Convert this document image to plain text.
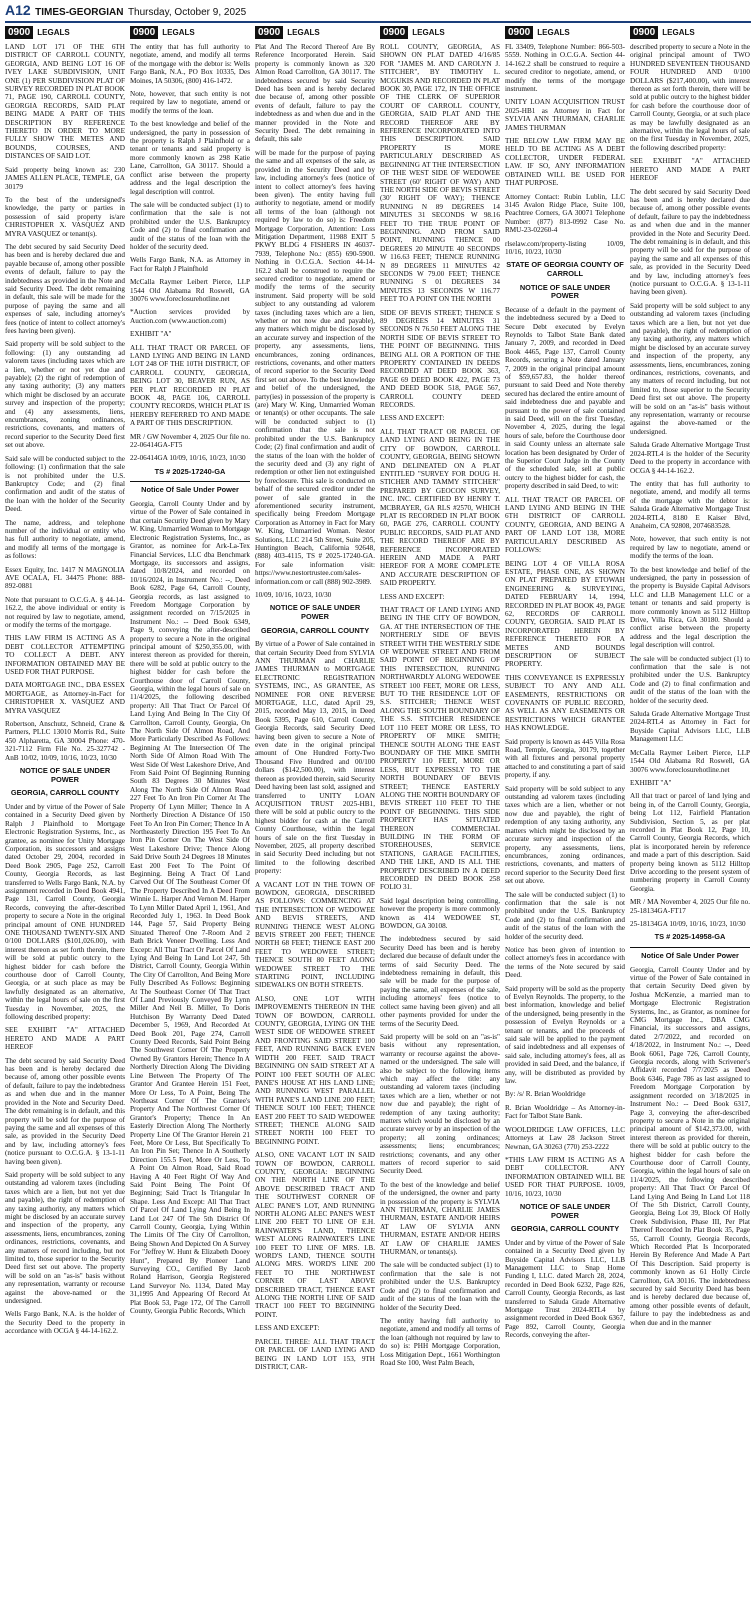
A12 TIMES-GEORGIAN Thursday, October 9, 2025
0900 LEGALS

LAND LOT 171 OF THE 6TH DISTRICT OF CARROLL COUNTY, GEORGIA, AND BEING LOT 16 OF IVEY LAKE SUBDIVISION, UNIT ONE (1) PER SUBDIVISION PLAT OF SURVEY RECORDED IN PLAT BOOK 71, PAGE 190, CARROLL COUNTY, GEORGIA RECORDS, SAID PLAT BEING MADE A PART OF THIS DESCRIPTION BY REFERENCE THERETO IN ORDER TO MORE FULLY SHOW THE METES AND BOUNDS, COURSES, AND DISTANCES OF SAID LOT.

Said property being known as: 230 JAMES ALLEN PLACE, TEMPLE, GA 30179

To the best of the undersigned's knowledge, the party or parties in possession of said property is/are CHRISTOPHER X. VASQUEZ AND MYRA VASQUEZ or tenant(s).

The debt secured by said Security Deed has been and is hereby declared due and payable because of, among other possible events of default, failure to pay the indebtedness as provided in the Note and said Security Deed. The debt remaining in default, this sale will be made for the purpose of paying the same and all expenses of sale, including attorney's fees (notice of intent to collect attorney's fees having been given).

Said property will be sold subject to the following: (1) any outstanding ad valorem taxes (including taxes which are a lien, whether or not yet due and payable); (2) the right of redemption of any taxing authority; (3) any matters which might be disclosed by an accurate survey and inspection of the property; and (4) any assessments, liens, encumbrances, zoning ordinances, restrictions, covenants, and matters of record superior to the Security Deed first set out above.

Said sale will be conducted subject to the following: (1) confirmation that the sale is not prohibited under the U.S. Bankruptcy Code; and (2) final confirmation and audit of the status of the loan with the holder of the Security Deed.

The name, address, and telephone number of the individual or entity who has full authority to negotiate, amend, and modify all terms of the mortgage is as follows:

Essex Equity, Inc. 1417 N MAGNOLIA AVE OCALA, FL 34475 Phone: 888-892-0881

Note that pursuant to O.C.G.A. § 44-14-162.2, the above individual or entity is not required by law to negotiate, amend, or modify the terms of the mortgage.

THIS LAW FIRM IS ACTING AS A DEBT COLLECTOR ATTEMPTING TO COLLECT A DEBT. ANY INFORMATION OBTAINED MAY BE USED FOR THAT PURPOSE.

DATA MORTGAGE INC., DBA ESSEX MORTGAGE, as Attorney-in-Fact for CHRISTOPHER X. VASQUEZ AND MYRA VASQUEZ

Robertson, Anschutz, Schneid, Crane & Partners, PLLC 13010 Morris Rd., Suite 450 Alpharetta, GA 30004 Phone: 470-321-7112 Firm File No. 25-327742 - AnB 10/02, 10/09, 10/16, 10/23, 10/30

NOTICE OF SALE UNDER POWER

GEORGIA, CARROLL COUNTY

Under and by virtue of the Power of Sale contained in a Security Deed given by Ralph J Plainfhold to Mortgage Electronic Registration Systems, Inc., as grantee, as nominee for Unity Mortgage Corporation, its successors and assigns dated October 29, 2004, recorded in Deed Book 2905, Page 252, Carroll County, Georgia Records, as last transferred to Wells Fargo Bank, N.A. by assignment recorded in Deed Book 4941, Page 131, Carroll County, Georgia Records, conveying the after-described property to secure a Note in the original principal amount of ONE HUNDRED ONE THOUSAND TWENTY-SIX AND 0/100 DOLLARS ($101,026.00), with interest thereon as set forth therein, there will be sold at public outcry to the highest bidder for cash before the courthouse door of Carroll County, Georgia, or at such place as may be lawfully designated as an alternative, within the legal hours of sale on the first Tuesday in November, 2025, the following described property:

SEE EXHIBIT "A" ATTACHED HERETO AND MADE A PART HEREOF

The debt secured by said Security Deed has been and is hereby declared due because of, among other possible events of default, failure to pay the indebtedness as and when due and in the manner provided in the Note and Security Deed. The debt remaining is in default, and this property will be sold for the purpose of paying the same and all expenses of this sale, as provided in the Security Deed and by law, including attorney's fees (notice pursuant to O.C.G.A. § 13-1-11 having been given).

Said property will be sold subject to any outstanding ad valorem taxes (including taxes which are a lien, but not yet due and payable), the right of redemption of any taxing authority, any matters which might be disclosed by an accurate survey and inspection of the property, any assessments, liens, encumbrances, zoning ordinances, restrictions, covenants, and any matters of record including, but not limited to, those superior to the Security Deed first set out above. The property will be sold on an "as-is" basis without any representation, warranty or recourse against the above-named or the undersigned.

Wells Fargo Bank, N.A. is the holder of the Security Deed to the property in accordance with OCGA § 44-14-162.2.

0900 LEGALS

The entity that has full authority to negotiate, amend, and modify all terms of the mortgage with the debtor is: Wells Fargo Bank, N.A., PO Box 10335, Des Moines, IA 50306, (800) 416-1472.

Note, however, that such entity is not required by law to negotiate, amend or modify the terms of the loan.

To the best knowledge and belief of the undersigned, the party in possession of the property is Ralph J Plainfhold or a tenant or tenants and said property is more commonly known as 298 Katie Lane, Carrollton, GA 30117. Should a conflict arise between the property address and the legal description the legal description will control.

The sale will be conducted subject (1) to confirmation that the sale is not prohibited under the U.S. Bankruptcy Code and (2) to final confirmation and audit of the status of the loan with the holder of the security deed.

Wells Fargo Bank, N.A. as Attorney in Fact for Ralph J Plainfhold

McCalla Raymer Leibert Pierce, LLP 1544 Old Alabama Rd Roswell, GA 30076 www.foreclosurehotline.net

*Auction services provided by Auction.com (www.auction.com)

EXHIBIT "A"

ALL THAT TRACT OR PARCEL OF LAND LYING AND BEING IN LAND LOT 248 OF THE 10TH DISTRICT, OF CARROLL COUNTY, GEORGIA, BEING LOT 30, BEAVER RUN, AS PER PLAT RECORDED IN PLAT BOOK 48, PAGE 106, CARROLL COUNTY RECORDS, WHICH PLAT IS HEREBY REFERRED TO AND MADE A PART OF THIS DESCRIPTION.

MR / GW November 4, 2025 Our file no. 22-06414GA-FT5

22-06414GA 10/09, 10/16, 10/23, 10/30

TS # 2025-17240-GA

Notice Of Sale Under Power

Georgia, Carroll County Under and by virtue of the Power of Sale contained in that certain Security Deed given by Mary W. King, Unmarried Woman to Mortgage Electronic Registration Systems, Inc., as Grantor, as nominee for Ark-La-Tex Financial Services, LLC dba Benchmark Mortgage, its successors and assigns, dated 10/8/2024, and recorded on 10/16/2024, in Instrument No.: --, Deed Book 6282, Page 64, Carroll County, Georgia records, as last assigned to Freedom Mortgage Corporation by assignment recorded on 7/15/2025 in Instrument No.: -- Deed Book 6349, Page 9, conveying the after-described property to secure a Note in the original principal amount of $250,355.00, with interest thereon as provided for therein, there will be sold at public outcry to the highest bidder for cash before the Courthouse door of Carroll County, Georgia, within the legal hours of sale on 11/4/2025, the following described property: All That Tract Or Parcel Of Land Lying And Being In The City Of Carrollton, Carroll County, Georgia, On The North Side Of Almon Road, And More Particularly Described As Follows: Beginning At The Intersection Of The North Side Of Almon Road With The West Side Of West Lakeshore Drive, And From Said Point Of Beginning Running South 83 Degrees 30 Minutes West Along The North Side Of Almon Road 227 Feet To An Iron Pin Corner At The Property Of Lynn Miller; Thence In A Northerly Direction A Distance Of 150 Feet To An Iron Pin Corner; Thence In A Northeasterly Direction 195 Feet To An Iron Pin Corner On The West Side Of West Lakeshore Drive; Thence Along Said Drive South 24 Degrees 18 Minutes East 200 Feet To The Point Of Beginning. Being A Tract Of Land Carved Out Of The Southeast Corner Of The Property Described In A Deed From Winnie L. Harper And Vernon M. Harper To Lynn Miller Dated April 1, 1961, And Recorded July 1, 1963. In Deed Book 144, Page 57, Said Property Being Situated Thereof One 7-Room And 2 Bath Brick Veneer Dwelling. Less And Except: All That Tract Or Parcel Of Land Lying And Being In Land Lot 247, 5th District, Carroll County, Georgia Within The City Of Carrollton, And Being More Fully Described As Follows: Beginning At The Southeast Corner Of That Tract Of Land Previously Conveyed By Lynn Miller And Neil B. Miller, To Doris Hutchison By Warranty Deed Dated December 5, 1969, And Recorded At Deed Book 201, Page 274, Carroll County Deed Records, Said Point Being The Southwest Corner Of The Property Owned By Grantors Herein; Thence In A Northerly Direction Along The Dividing Line Between The Property Of The Grantor And Grantee Herein 151 Feet, More Or Less, To A Point, Being The Northeast Corner Of The Grantee's Property And The Northwest Corner Of Grantor's Property; Thence In An Easterly Direction Along The Northerly Property Line Of The Grantor Herein 21 Feet, More Or Less, But Specifically To An Iron Pin Set; Thence In A Southerly Direction 155.5 Feet, More Or Less, To A Point On Almon Road, Said Road Having A 40 Feet Right Of Way And Said Point Being The Point Of Beginning; Said Tract Is Triangular In Shape. Less And Except: All That Tract Of Parcel Of Land Lying And Being In Land Lot 247 Of The 5th District Of Carroll County, Georgia, Lying Within The Limits Of The City Of Carrollton, Being Shown And Depicted On A Survey For "Jeffrey W. Hunt & Elizabeth Dooey Hunt", Prepared By Pioneer Land Surveying CO., Certified By Jacob Roland Harrison, Georgia Registered Land Surveyor No. 1134, Dated May 31,1995 And Appearing Of Record At Plat Book 53, Page 172, Of The Carroll County, Georgia Public Records, Which

0900 LEGALS

Plat And The Record Thereof Are By Reference Incorporated Herein. Said property is commonly known as 320 Almon Road Carrollton, GA 30117. The indebtedness secured by said Security Deed has been and is hereby declared due because of, among other possible events of default, failure to pay the indebtedness as and when due and in the manner provided in the Note and Security Deed. The debt remaining in default, this sale

will be made for the purpose of paying the same and all expenses of the sale, as provided in the Security Deed and by law, including attorney's fees (notice of intent to collect attorney's fees having been given). The entity having full authority to negotiate, amend or modify all terms of the loan (although not required by law to do so) is: Freedom Mortgage Corporation, Attention: Loss Mitigation Department, 11988 EXIT 5 PKWY BLDG 4 FISHERS IN 46037-7939, Telephone No.: (855) 690-5900. Nothing in O.C.G.A. Section 44-14-162.2 shall be construed to require the secured creditor to negotiate, amend or modify the terms of the security instrument. Said property will be sold subject to any outstanding ad valorem taxes (including taxes which are a lien, whether or not now due and payable), any matters which might be disclosed by an accurate survey and inspection of the property, any assessments, liens, encumbrances, zoning ordinances, restrictions, covenants, and other matters of record superior to the Security Deed first set out above. To the best knowledge and belief of the undersigned, the party(ies) in possession of the property is (are) Mary W. King, Unmarried Woman or tenant(s) or other occupants. The sale will be conducted subject to (1) confirmation that the sale is not prohibited under the U.S. Bankruptcy Code; (2) final confirmation and audit of the status of the loan with the holder of the security deed and (3) any right of redemption or other lien not extinguished by foreclosure. This sale is conducted on behalf of the secured creditor under the power of sale granted in the aforementioned security instrument, specifically being Freedom Mortgage Corporation as Attorney in Fact for Mary W. King, Unmarried Woman. Nestor Solutions, LLC 214 5th Street, Suite 205, Huntington Beach, California 92648, (888) 403-4115, TS # 2025-17240-GA. For sale information visit: https://www.nestortrustee.com/sales-information.com or call (888) 902-3989.

10/09, 10/16, 10/23, 10/30

NOTICE OF SALE UNDER POWER

GEORGIA, CARROLL COUNTY

By virtue of a Power of Sale contained in that certain Security Deed from SYLVIA ANN THURMAN and CHARLIE JAMES THURMAN to MORTGAGE ELECTRONIC REGISTRATION SYSTEMS, INC., AS GRANTEE, AS NOMINEE FOR ONE REVERSE MORTGAGE, LLC, dated April 29, 2015, recorded May 13, 2015, in Deed Book 5395, Page 610, Carroll County, Georgia Records, said Security Deed having been given to secure a Note of even date in the original principal amount of One Hundred Forty-Two Thousand Five Hundred and 00/100 dollars ($142,500.00), with interest thereon as provided therein, said Security Deed having been last sold, assigned and transferred to UNITY LOAN ACQUISITION TRUST 2025-HB1, there will be sold at public outcry to the highest bidder for cash at the Carroll County Courthouse, within the legal hours of sale on the first Tuesday in November, 2025, all property described in said Security Deed including but not limited to the following described property:

A VACANT LOT IN THE TOWN OF BOWDON, GEORGIA, DESCRIBED AS FOLLOWS: COMMENCING AT THE INTERSECTION OF WEDOWEE AND BEVIS STREETS, AND RUNNING THENCE WEST ALONG BEVIS STREET 200 FEET; THENCE NORTH 68 FEET; THENCE EAST 200 FEET TO WEDOWEE STREET; THENCE SOUTH 80 FEET ALONG WEDOWEE STREET TO THE STARTING POINT, INCLUDING SIDEWALKS ON BOTH STREETS.

ALSO, ONE LOT WITH IMPROVEMENTS THEREON IN THE TOWN OF BOWDON, CARROLL COUNTY, GEORGIA, LYING ON THE WEST SIDE OF WEDOWEE STREET AND FRONTING SAID STREET 100 FEET, AND RUNNING BACK EVEN WIDTH 200 FEET. SAID TRACT BEGINNING ON SAID STREET AT A POINT 100 FEET SOUTH OF ALEC PANE'S HOUSE AT HIS LAND LINE; AND RUNNING WEST PARALLEL WITH PANE'S LAND LINE 200 FEET; THENCE SOUT 100 FEET; THENCE EAST 200 FEET TO SAID WEDOWEE STREET; THENCE ALONG SAID STREET NORTH 100 FEET TO BEGINNING POINT.

ALSO, ONE VACANT LOT IN SAID TOWN OF BOWDON, CARROLL COUNTY, GEORGIA: BEGINNING ON THE NORTH LINE OF THE ABOVE DESCRIBED TRACT AND THE SOUTHWEST CORNER OF ALEC PANE'S LOT, AND RUNNING NORTH ALONG ALEC PANE'S WEST LINE 200 FEET TO LINE OF E.H. RAINWATER'S LAND, THENCE WEST ALONG RAINWATER'S LINE 100 FEET TO LINE OF MRS. I.B. WORD'S LAND, THENCE SOUTH ALONG MRS. WORD'S LINE 200 FEET TO THE NORTHWEST CORNER OF LAST ABOVE DESCRIBED TRACT, THENCE EAST ALONG THE NORTH LINE OF SAID TRACT 100 FEET TO BEGINNING POINT.

LESS AND EXCEPT:

PARCEL THREE: ALL THAT TRACT OR PARCEL OF LAND LYING AND BEING IN LAND LOT 153, 9TH DISTRICT, CAR-

0900 LEGALS

ROLL COUNTY, GEORGIA, AS SHOWN ON PLAT DATED 4/16/85 FOR "JAMES M. AND CAROLYN J. STITCHER", BY TIMOTHY L. MCGUKIS AND RECORDED IN PLAT BOOK 30, PAGE 172, IN THE OFFICE OF THE CLERK OF SUPERIOR COURT OF CARROLL COUNTY, GEORGIA, SAID PLAT AND THE RECORD THEREOF ARE BY REFERENCE INCORPORATED INTO THIS DESCRIPTION. SAID PROPERTY IS MORE PARTICULARLY DESCRIBED AS BEGINNING AT THE INTERSECTION OF THE WEST SIDE OF WEDOWEE STREET (60' RIGHT OF WAY) AND THE NORTH SIDE OF BEVIS STREET (30' RIGHT OF WAY); THENCE RUNNING N 89 DEGREES 14 MINUTES 31 SECONDS W 98.16 FEET TO THE TRUE POINT OF BEGINNING. AND FROM SAID POINT, RUNNING THENCE 00 DEGREES 20 MINUTE 40 SECONDS W 116.63 FEET; THENCE RUNNING N 89 DEGREES 11 MINUTES 42 SECONDS W 79.00 FEET; THENCE RUNNING S 01 DEGREES 34 MINUTES 13 SECONDS W 116.77 FEET TO A POINT ON THE NORTH

SIDE OF BEVIS STREET; THENCE S 89 DEGREES 14 MINUTES 31 SECONDS N 76.50 FEET ALONG THE NORTH SIDE OF BEVIS STREET TO THE POINT OF BEGINNING. THIS BEING ALL OR A PORTION OF THE PROPERTY CONTAINED IN DEEDS RECORDED AT DEED BOOK 363, PAGE 69 DEED BOOK 422, PAGE 73 AND DEED BOOK 518, PAGE 567, CARROLL COUNTY DEED RECORDS.

LESS AND EXCEPT:

ALL THAT TRACT OR PARCEL OF LAND LYING AND BEING IN THE CITY OF BOWDON, CARROLL COUNTY, GEORGIA, BEING SHOWN AND DELINEATED ON A PLAT ENTITLED "SURVEY FOR DOUG H. STICHER AND TAMMY STITCHER" PREPARED BY GEOCON SURVEY, INC. INC. CERTIFIED BY HENRY T. MCBRAYER, GA RLS #2570, WHICH PLAT IS RECORDED IN PLAT BOOK 60, PAGE 276, CARROLL COUNTY PUBLIC RECORDS, SAID PLAT AND THE RECORD THEREOF ARE BY REFERENCE INCORPORATED HEREIN AND MADE A PART HEREOF FOR A MORE COMPLETE AND ACCURATE DESCRIPTION OF SAID PROPERTY.

LESS AND EXCEPT:

THAT TRACT OF LAND LYING AND BEING IN THE CITY OF BOWDON, GA. AT THE INTERSECTION OF THE NORTHERLY SIDE OF BEVIS STREET WITH THE WESTERLY SIDE OF WEDOWEE STREET AND FROM SAID POINT OF BEGINNING OF THIS INTERSECTION, RUNNING NORTHWARDLY ALONG WEDOWEE STREET 100 FEET, MORE OR LESS, BUT TO THE RESIDENCE LOT OF S.S. STITCHER; THENCE WEST ALONG THE SOUTH BOUNDARY OF THE S.S. STITCHER RESIDENCE LOT 110 FEET MORE OR LESS, TO PROPERTY OF MIKE SMITH; THENCE SOUTH ALONG THE EAST BOUNDARY OF THE MIKE SMITH PROPERTY 110 FEET, MORE OR LESS, BUT EXPRESSLY TO THE NORTH BOUNDARY OF BEVIS STREET; THENCE EASTERLY ALONG THE NORTH BOUNDARY OF BEVIS STREET 110 FEET TO THE POINT OF BEGINNING. THIS SIDE PROPERTY HAS SITUATED THEREON COMMERCIAL BUILDING IN THE FORM OF STOREHOUSES, SERVICE STATIONS, GARAGE FACILITIES, AND THE LIKE, AND IS ALL THE PROPERTY DESCRIBED IN A DEED RECORDED IN DEED BOOK 258 FOLIO 31.

Said legal description being controlling, however the property is more commonly known as 414 WEDOWEE ST, BOWDON, GA 30108.

The indebtedness secured by said Security Deed has been and is hereby declared due because of default under the terms of said Security Deed. The indebtedness remaining in default, this sale will be made for the purpose of paying the same, all expenses of the sale, including attorneys' fees (notice to collect same having been given) and all other payments provided for under the terms of the Security Deed.

Said property will be sold on an "as-is" basis without any representation, warranty or recourse against the above-named or the undersigned. The sale will also be subject to the following items which may affect the title: any outstanding ad valorem taxes (including taxes which are a lien, whether or not now due and payable); the right of redemption of any taxing authority; matters which would be disclosed by an accurate survey or by an inspection of the property; all zoning ordinances; assessments; liens; encumbrances; restrictions; covenants, and any other matters of record superior to said Security Deed.

To the best of the knowledge and belief of the undersigned, the owner and party in possession of the property is SYLVIA ANN THURMAN, CHARLIE JAMES THURMAN, ESTATE AND/OR HEIRS AT LAW OF SYLVIA ANN THURMAN, ESTATE AND/OR HEIRS AT LAW OF CHARLIE JAMES THURMAN, or tenants(s).

The sale will be conducted subject (1) to confirmation that the sale is not prohibited under the U.S. Bankruptcy Code and (2) to final confirmation and audit of the status of the loan with the holder of the Security Deed.

The entity having full authority to negotiate, amend and modify all terms of the loan (although not required by law to do so) is: PHH Mortgage Corporation, Loss Mitigation Dept., 1661 Worthington Road Ste 100, West Palm Beach,

0900 LEGALS

FL 33409, Telephone Number: 866-503-5559. Nothing in O.C.G.A. Section 44-14-162.2 shall be construed to require a secured creditor to negotiate, amend, or modify the terms of the mortgage instrument.

UNITY LOAN ACQUISITION TRUST 2025-HB1 as Attorney in Fact for SYLVIA ANN THURMAN, CHARLIE JAMES THURMAN

THE BELOW LAW FIRM MAY BE HELD TO BE ACTING AS A DEBT COLLECTOR, UNDER FEDERAL LAW. IF SO, ANY INFORMATION OBTAINED WILL BE USED FOR THAT PURPOSE.

Attorney Contact: Rubin Lublin, LLC 3145 Avalon Ridge Place, Suite 100, Peachtree Corners, GA 30071 Telephone Number: (877) 813-0992 Case No. RMU-23-02260-4

rlselaw.com/property-listing 10/09, 10/16, 10/23, 10/30

STATE OF GEORGIA COUNTY OF CARROLL

NOTICE OF SALE UNDER POWER

Because of a default in the payment of the indebtedness secured by a Deed to Secure Debt executed by Evelyn Reynolds to Talbot State Bank dated January 7, 2009, and recorded in Deed Book 4465, Page 137, Carroll County Records, securing a Note dated January 7, 2009 in the original principal amount of $59,657.83, the holder thereof pursuant to said Deed and Note thereby secured has declared the entire amount of said indebtedness due and payable and pursuant to the power of sale contained in said Deed, will on the first Tuesday, November 4, 2025, during the legal hours of sale, before the Courthouse door in said County unless an alternate sale location has been designated by Order of the Superior Court Judge in the County of the scheduled sale, sell at public outcry to the highest bidder for cash, the property described in said Deed, to wit:

ALL THAT TRACT OR PARCEL OF LAND LYING AND BEING IN THE 6TH DISTRICT OF CARROLL COUNTY, GEORGIA, AND BEING A PART OF LAND LOT 138, MORE PARTICULARLY DESCRIBED AS FOLLOWS:

BEING LOT 4 OF VILLA ROSA ESTATE, PHASE ONE, AS SHOWN ON PLAT PREPARED BY ETOWAH ENGINEERING & SURVEYING, DATED FEBRUARY 14, 1994, RECORDED IN PLAT BOOK 49, PAGE 62, RECORDS OF CARROLL COUNTY, GEORGIA. SAID PLAT IS INCORPORATED HEREIN BY REFERENCE THERETO FOR A METES AND BOUNDS DESCRIPTION OF SUBJECT PROPERTY.

THIS CONVEYANCE IS EXPRESSLY SUBJECT TO ANY AND ALL EASEMENTS, RESTRICTIONS OR COVENANTS OF PUBLIC RECORD, AS WELL AS ANY EASEMENTS OR RESTRICTIONS WHICH GRANTEE HAS KNOWLEDGE.

Said property is known as 445 Villa Rosa Road, Temple, Georgia, 30179, together with all fixtures and personal property attached to and constituting a part of said property, if any.

Said property will be sold subject to any outstanding ad valorem taxes (including taxes which are a lien, whether or not now due and payable), the right of redemption of any taxing authority, any matters which might be disclosed by an accurate survey and inspection of the property, any assessments, liens, encumbrances, zoning ordinances, restrictions, covenants, and matters of record superior to the Security Deed first set out above.

The sale will be conducted subject (1) to confirmation that the sale is not prohibited under the U.S. Bankruptcy Code and (2) to final confirmation and audit of the status of the loan with the holder of the security deed.

Notice has been given of intention to collect attorney's fees in accordance with the terms of the Note secured by said Deed.

Said property will be sold as the property of Evelyn Reynolds. The property, to the best information, knowledge and belief of the undersigned, being presently in the possession of Evelyn Reynolds or a tenant or tenants, and the proceeds of said sale will be applied to the payment of said indebtedness and all expenses of said sale, including attorney's fees, all as provided in said Deed, and the balance, if any, will be distributed as provided by law.

By: /s/ R. Brian Wooldridge

R. Brian Wooldridge – As Attorney-in- Fact for Talbot State Bank.

WOOLDRIDGE LAW OFFICES, LLC Attorneys at Law 28 Jackson Street Newnan, GA 30263 (770) 253-2222

*THIS LAW FIRM IS ACTING AS A DEBT COLLECTOR. ANY INFORMATION OBTAINED WILL BE USED FOR THAT PURPOSE. 10/09, 10/16, 10/23, 10/30

NOTICE OF SALE UNDER POWER

GEORGIA, CARROLL COUNTY

Under and by virtue of the Power of Sale contained in a Security Deed given by Buyside Capital Advisors LLC, LLB Management LLC to Snap Home Funding I, LLC. dated March 28, 2024, recorded in Deed Book 6232, Page 826, Carroll County, Georgia Records, as last transferred to Saluda Grade Alternative Mortgage Trust 2024-RTL4 by assignment recorded in Deed Book 6367, Page 892, Carroll County, Georgia Records, conveying the after-

0900 LEGALS

described property to secure a Note in the original principal amount of TWO HUNDRED SEVENTEEN THOUSAND FOUR HUNDRED AND 0/100 DOLLARS ($217,400.00), with interest thereon as set forth therein, there will be sold at public outcry to the highest bidder for cash before the courthouse door of Carroll County, Georgia, or at such place as may be lawfully designated as an alternative, within the legal hours of sale on the first Tuesday in November, 2025, the following described property:

SEE EXHIBIT "A" ATTACHED HERETO AND MADE A PART HEREOF

The debt secured by said Security Deed has been and is hereby declared due because of, among other possible events of default, failure to pay the indebtedness as and when due and in the manner provided in the Note and Security Deed. The debt remaining is in default, and this property will be sold for the purpose of paying the same and all expenses of this sale, as provided in the Security Deed and by law, including attorney's fees (notice pursuant to O.C.G.A. § 13-1-11 having been given).

Said property will be sold subject to any outstanding ad valorem taxes (including taxes which are a lien, but not yet due and payable), the right of redemption of any taxing authority, any matters which might be disclosed by an accurate survey and inspection of the property, any assessments, liens, encumbrances, zoning ordinances, restrictions, covenants, and any matters of record including, but not limited to, those superior to the Security Deed first set out above. The property will be sold on an "as-is" basis without any representation, warranty or recourse against the above-named or the undersigned.

Saluda Grade Alternative Mortgage Trust 2024-RTL4 is the holder of the Security Deed to the property in accordance with OCGA § 44-14-162.2.

The entity that has full authority to negotiate, amend, and modify all terms of the mortgage with the debtor is: Saluda Grade Alternative Mortgage Trust 2024-RTL4, 8180 E Kaiser Blvd, Anaheim, CA 92808, 2074683528.

Note, however, that such entity is not required by law to negotiate, amend or modify the terms of the loan.

To the best knowledge and belief of the undersigned, the party in possession of the property is Buyside Capital Advisors LLC and LLB Management LLC or a tenant or tenants and said property is more commonly known as 5112 Hilltop Drive, Villa Rica, GA 30180. Should a conflict arise between the property address and the legal description the legal description will control.

The sale will be conducted subject (1) to confirmation that the sale is not prohibited under the U.S. Bankruptcy Code and (2) to final confirmation and audit of the status of the loan with the holder of the security deed.

Saluda Grade Alternative Mortgage Trust 2024-RTL4 as Attorney in Fact for Buyside Capital Advisors LLC, LLB Management LLC

McCalla Raymer Leibert Pierce, LLP 1544 Old Alabama Rd Roswell, GA 30076 www.foreclosurehotline.net

EXHIBIT "A"

All that tract or parcel of land lying and being in, of the Carroll County, Georgia, being Lot 112, Fairfield Plantation Subdivision, Section 5, as per plat recorded in Plat Book 12, Page 10, Carroll County, Georgia Records, which plat is incorporated herein by reference and made a part of this description. Said property being known as 5112 Hilltop Drive according to the present system of numbering property in Carroll County Georgia.

MR / MA November 4, 2025 Our file no. 25-18134GA-FT17

25-18134GA 10/09, 10/16, 10/23, 10/30

TS # 2025-14958-GA

Notice Of Sale Under Power

Georgia, Carroll County Under and by virtue of the Power of Sale contained in that certain Security Deed given by Joshua McKenzie, a married man to Mortgage Electronic Registration Systems, Inc., as Grantor, as nominee for CMG Mortgage Inc., DBA CMG Financial, its successors and assigns, dated 2/7/2022, and recorded on 4/18/2022, in Instrument No.: --, Deed Book 6061, Page 726, Carroll County, Georgia records, along with Scrivener's Affidavit recorded 7/7/2025 as Deed Book 6346, Page 786 as last assigned to Freedom Mortgage Corporation by assignment recorded on 3/18/2025 in Instrument No.: -- Deed Book 6317, Page 3, conveying the after-described property to secure a Note in the original principal amount of $142,373.00, with interest thereon as provided for therein, there will be sold at public outcry to the highest bidder for cash before the Courthouse door of Carroll County, Georgia, within the legal hours of sale on 11/4/2025, the following described property: All That Tract Or Parcel Of Land Lying And Being In Land Lot 118 Of The 5th District, Carroll County, Georgia, Being Lot 39, Block Of Holly Creek Subdivision, Phase III, Per Plat Thereof Recorded In Plat Book 35, Page 55, Carroll County, Georgia Records, Which Recorded Plat Is Incorporated Herein By Reference And Made A Part Of This Description. Said property is commonly known as 61 Holly Circle Carrollton, GA 30116. The indebtedness secured by said Security Deed has been and is hereby declared due because of, among other possible events of default, failure to pay the indebtedness as and when due and in the manner
